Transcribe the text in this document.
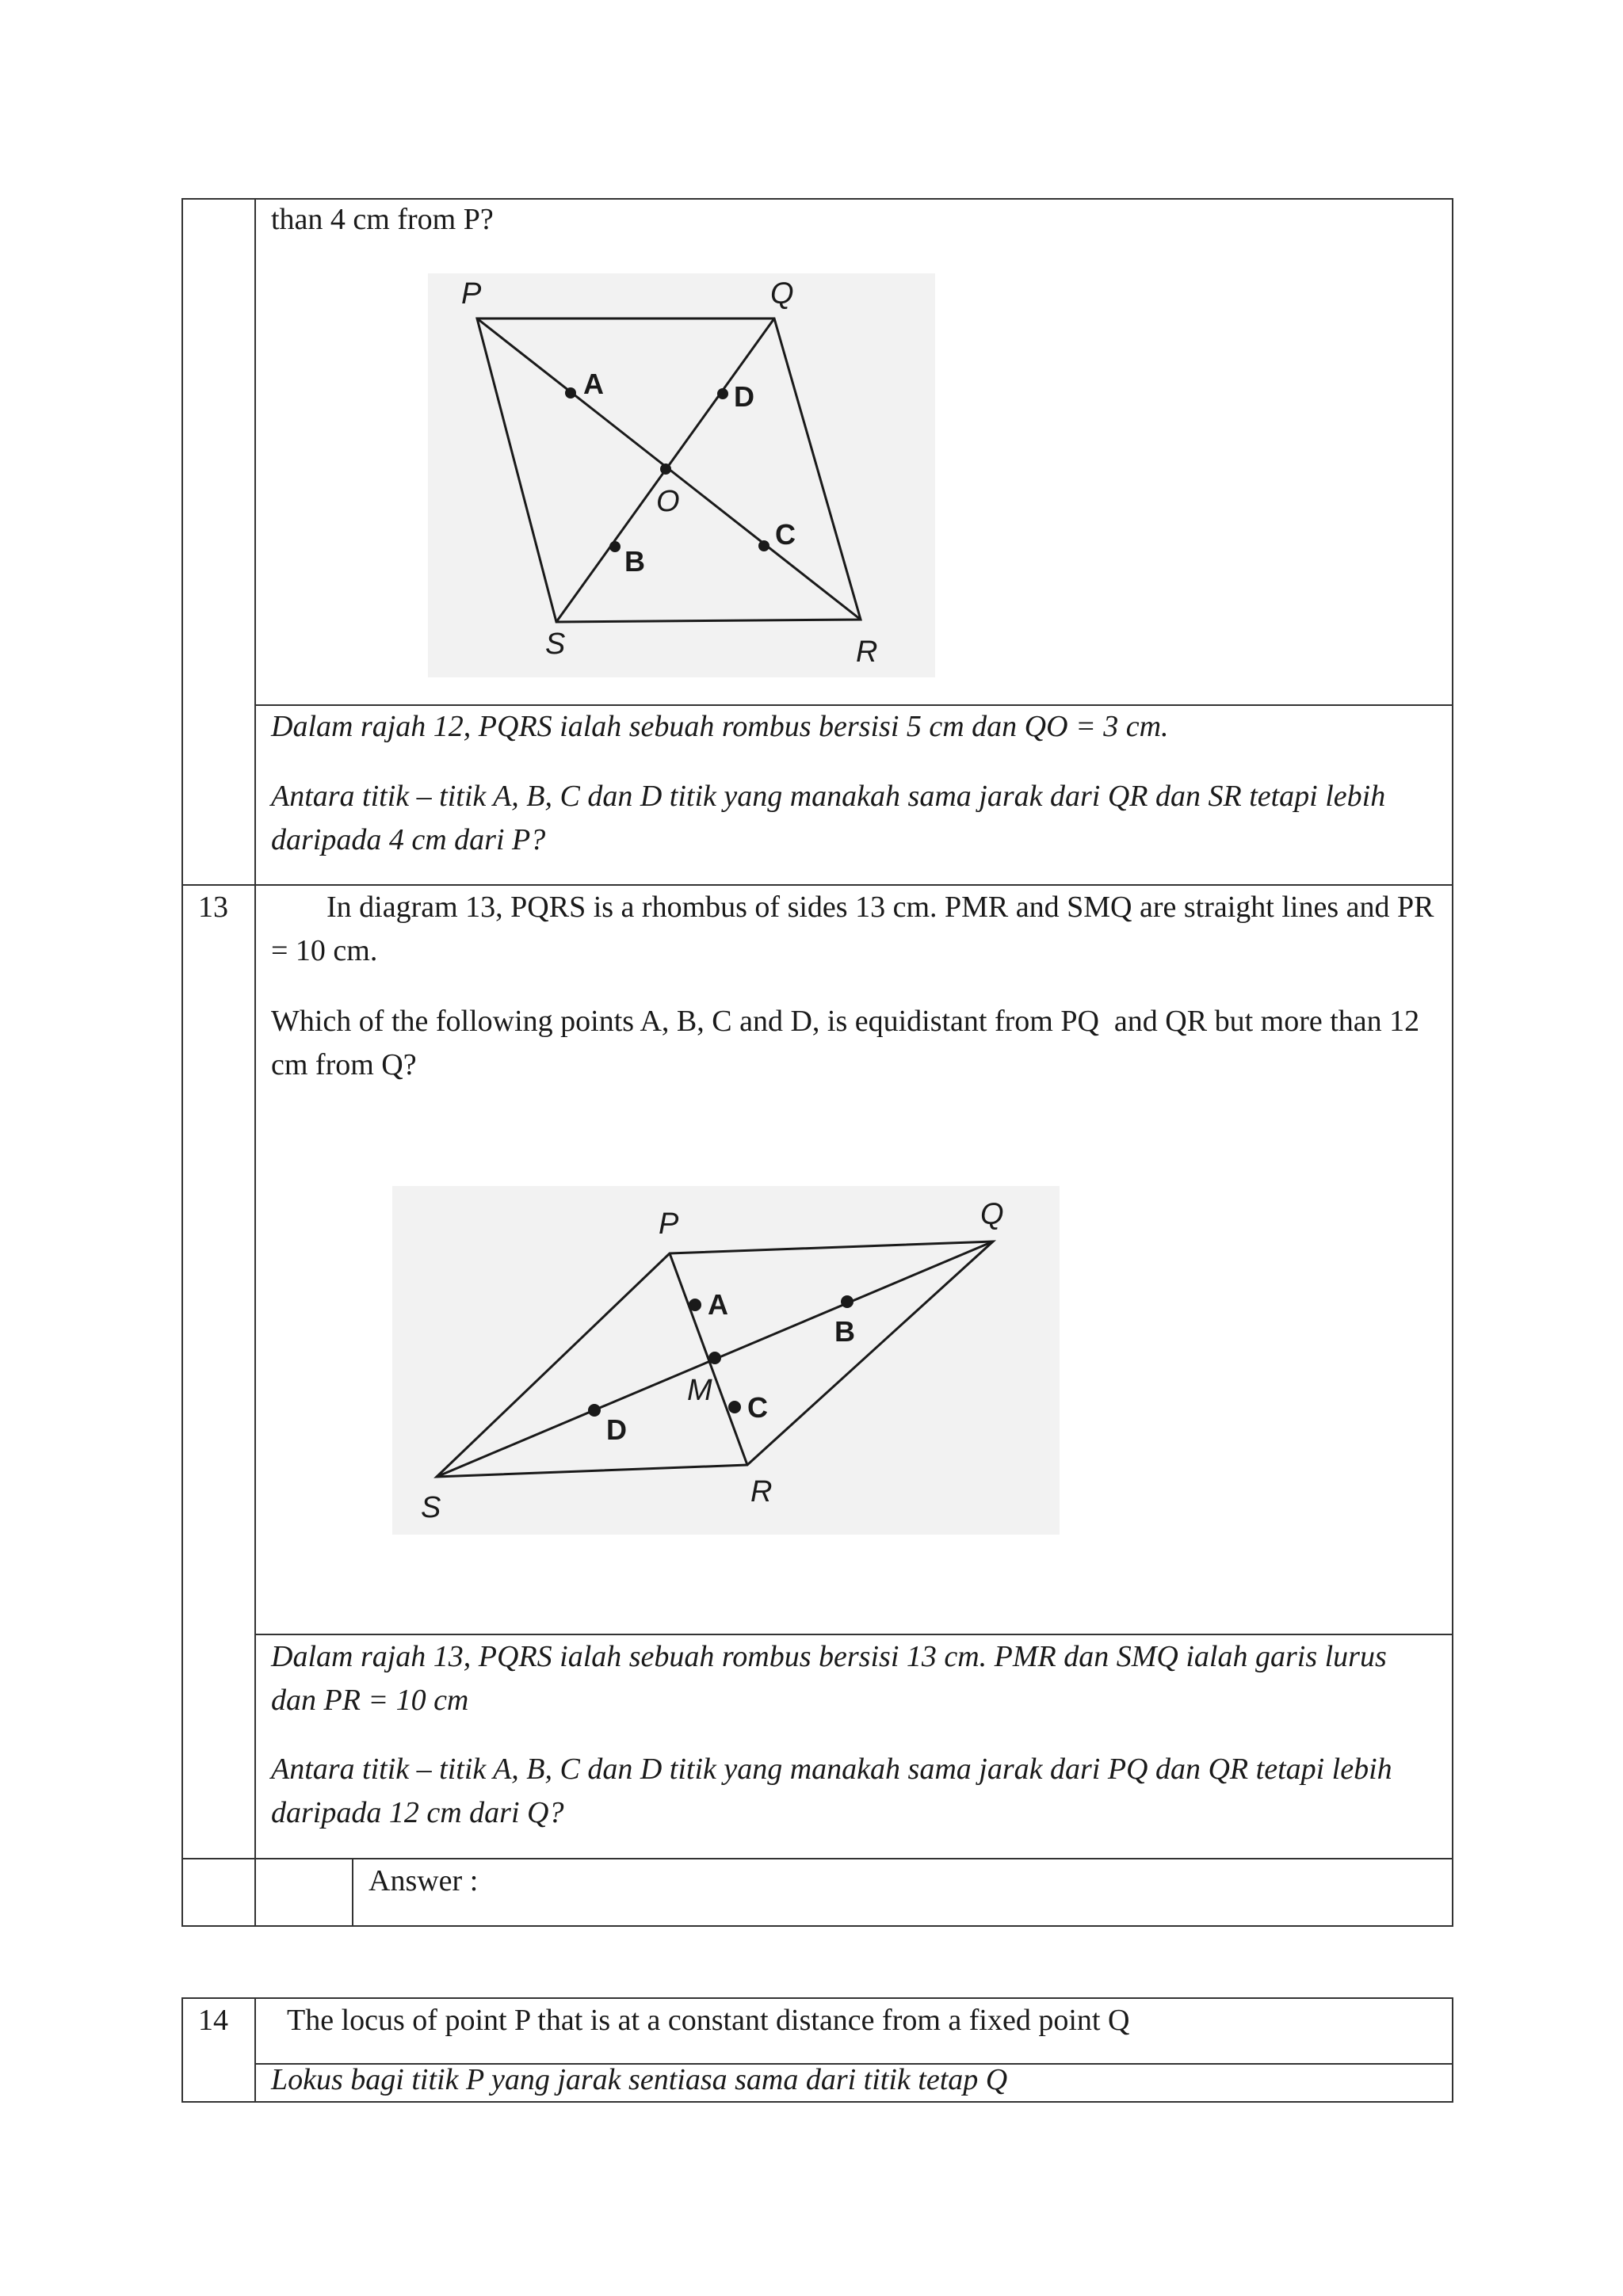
than 4 cm from P?
P	Q
R
S
O
A
B
C
D
Dalam rajah 12, PQRS ialah sebuah rombus bersisi 5 cm dan QO = 3 cm.
Antara titik – titik A, B, C dan D titik yang manakah sama jarak dari QR dan SR tetapi lebih daripada 4 cm dari P?
13	In diagram 13, PQRS is a rhombus of sides 13 cm. PMR and SMQ are straight lines and PR = 10 cm.
Which of the following points A, B, C and D, is equidistant from PQ  and QR but more than 12 cm from Q?
P	Q
R
S
M
A
B
C
D
Dalam rajah 13, PQRS ialah sebuah rombus bersisi 13 cm. PMR dan SMQ ialah garis lurus dan PR = 10 cm
Antara titik – titik A, B, C dan D titik yang manakah sama jarak dari PQ dan QR tetapi lebih daripada 12 cm dari Q?
Answer :
14	The locus of point P that is at a constant distance from a fixed point Q
Lokus bagi titik P yang jarak sentiasa sama dari titik tetap Q
